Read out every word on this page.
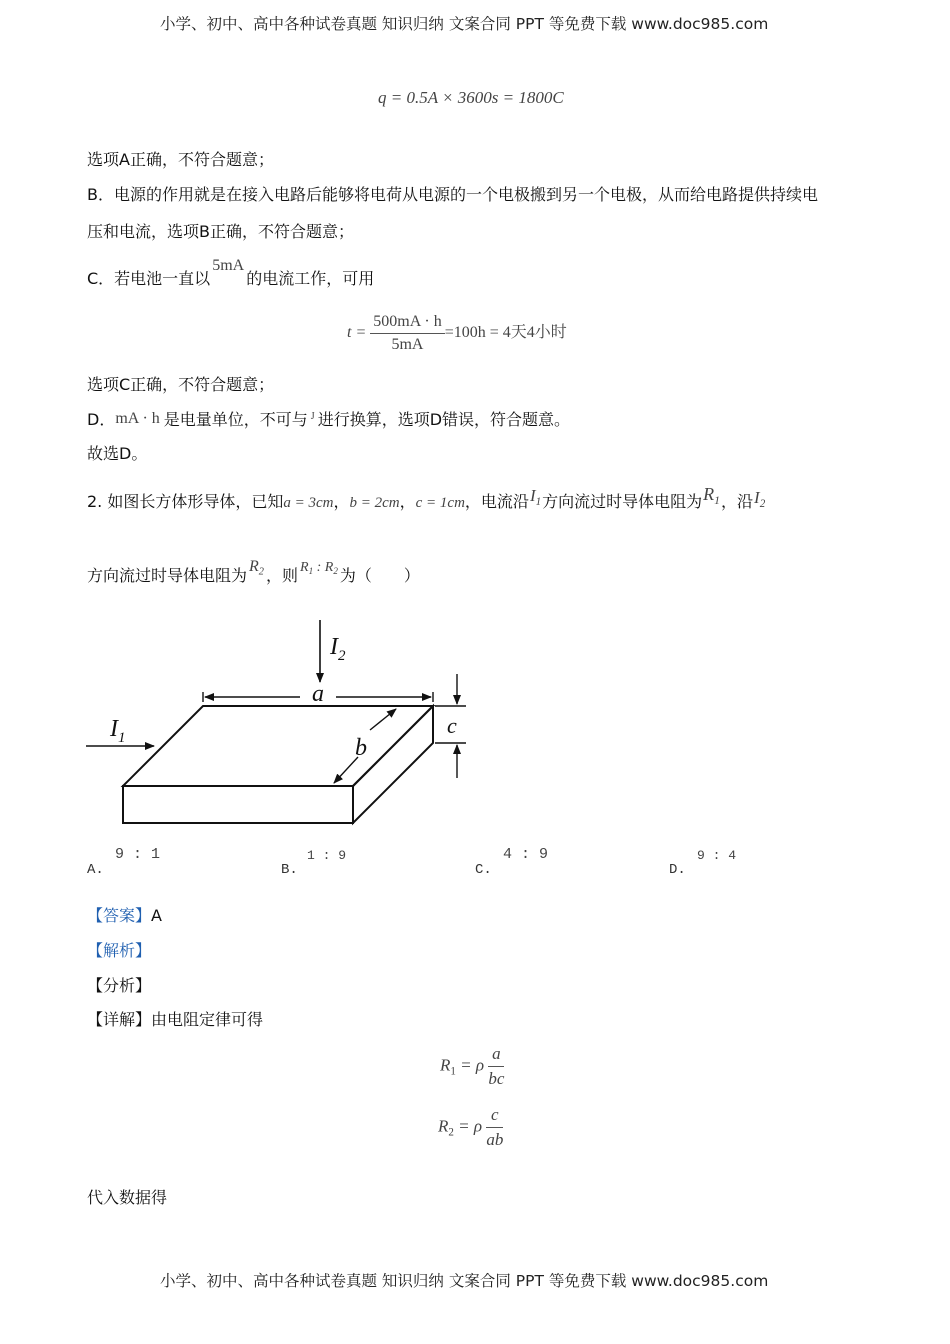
小学、初中、高中各种试卷真题 知识归纳 文案合同 PPT 等免费下载 www.doc985.com
小学、初中、高中各种试卷真题 知识归纳 文案合同 PPT 等免费下载 www.doc985.com
q = 0.5A × 3600s = 1800C
选项A正确，不符合题意；
B．电源的作用就是在接入电路后能够将电荷从电源的一个电极搬到另一个电极，从而给电路提供持续电
压和电流，选项B正确，不符合题意；
C．若电池一直以5mA的电流工作，可用
$t = \frac{500mA \cdot h}{5mA} =100h = 4$天4小时
选项C正确，不符合题意；
D．mA · h 是电量单位，不可与 $^J$ 进行换算，选项D错误，符合题意。
故选D。
2. 如图长方体形导体，已知a = 3cm，b = 2cm，c = 1cm，电流沿$I_1$方向流过时导体电阻为$R_1$，沿$I_2$
方向流过时导体电阻为 $R_2$ ，则 $R_1$ : $R_2$ 为（　　）
$I_2$
a
b
c
$I_1$
A.
9 : 1
B.
1 : 9
C.
4 : 9
D.
9 : 4
【答案】A
【解析】
【分析】
【详解】由电阻定律可得
$R_1 = \rho \frac{a}{bc}$
$R_2 = \rho \frac{c}{ab}$
代入数据得
